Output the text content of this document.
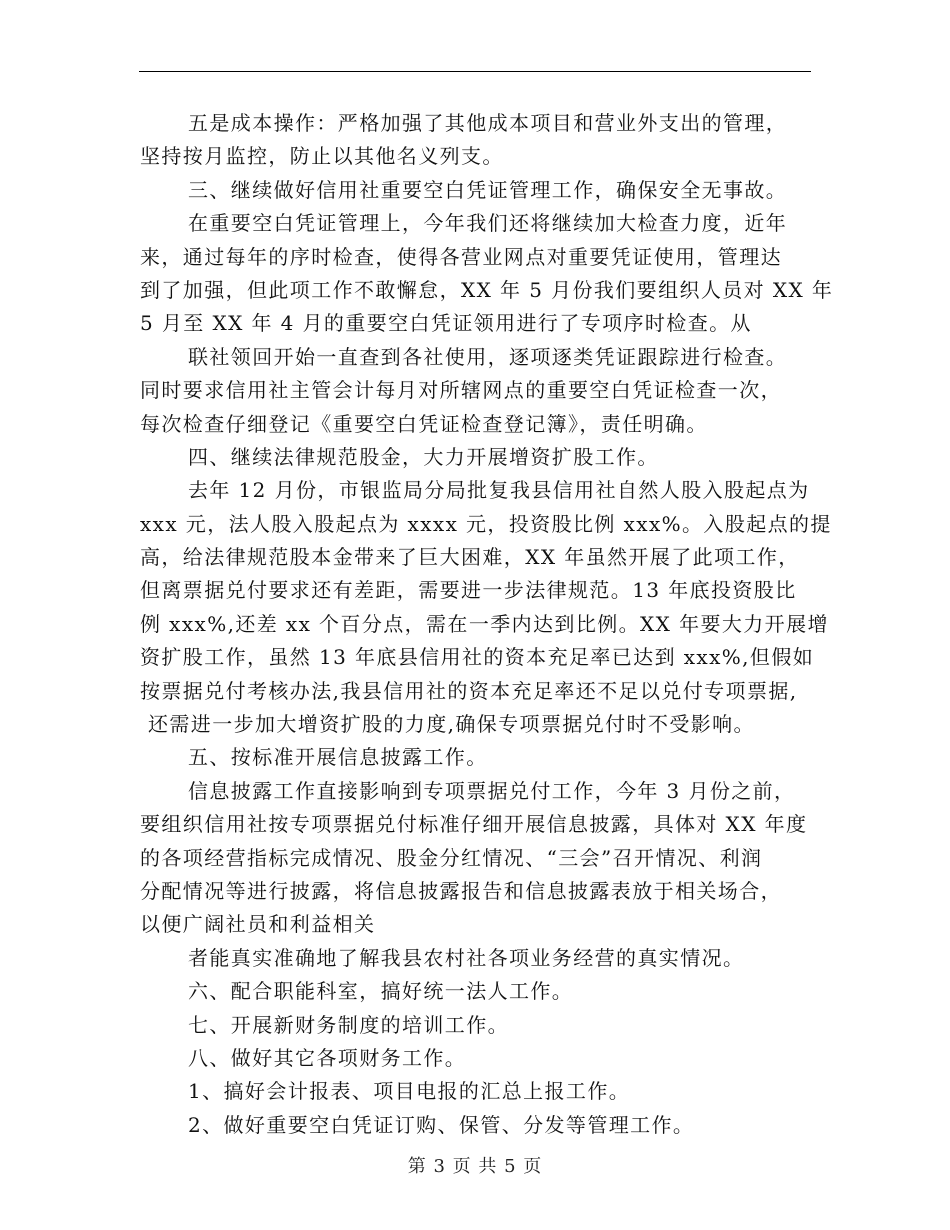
五是成本操作：严格加强了其他成本项目和营业外支出的管理，
坚持按月监控，防止以其他名义列支。
三、继续做好信用社重要空白凭证管理工作，确保安全无事故。
在重要空白凭证管理上，今年我们还将继续加大检查力度，近年
来，通过每年的序时检查，使得各营业网点对重要凭证使用，管理达
到了加强，但此项工作不敢懈怠，XX 年 5 月份我们要组织人员对 XX 年
5 月至 XX 年 4 月的重要空白凭证领用进行了专项序时检查。从
联社领回开始一直查到各社使用，逐项逐类凭证跟踪进行检查。
同时要求信用社主管会计每月对所辖网点的重要空白凭证检查一次，
每次检查仔细登记《重要空白凭证检查登记簿》，责任明确。
四、继续法律规范股金，大力开展增资扩股工作。
去年 12 月份，市银监局分局批复我县信用社自然人股入股起点为
xxx 元，法人股入股起点为 xxxx 元，投资股比例 xxx%。入股起点的提
高，给法律规范股本金带来了巨大困难，XX 年虽然开展了此项工作，
但离票据兑付要求还有差距，需要进一步法律规范。13 年底投资股比
例 xxx%,还差 xx 个百分点，需在一季内达到比例。XX 年要大力开展增
资扩股工作，虽然 13 年底县信用社的资本充足率已达到 xxx%,但假如
按票据兑付考核办法,我县信用社的资本充足率还不足以兑付专项票据,
还需进一步加大增资扩股的力度,确保专项票据兑付时不受影响。
五、按标准开展信息披露工作。
信息披露工作直接影响到专项票据兑付工作，今年 3 月份之前，
要组织信用社按专项票据兑付标准仔细开展信息披露，具体对 XX 年度
的各项经营指标完成情况、股金分红情况、“三会”召开情况、利润
分配情况等进行披露，将信息披露报告和信息披露表放于相关场合，
以便广阔社员和利益相关
者能真实准确地了解我县农村社各项业务经营的真实情况。
六、配合职能科室，搞好统一法人工作。
七、开展新财务制度的培训工作。
八、做好其它各项财务工作。
1、搞好会计报表、项目电报的汇总上报工作。
2、做好重要空白凭证订购、保管、分发等管理工作。
第 3 页 共 5 页
